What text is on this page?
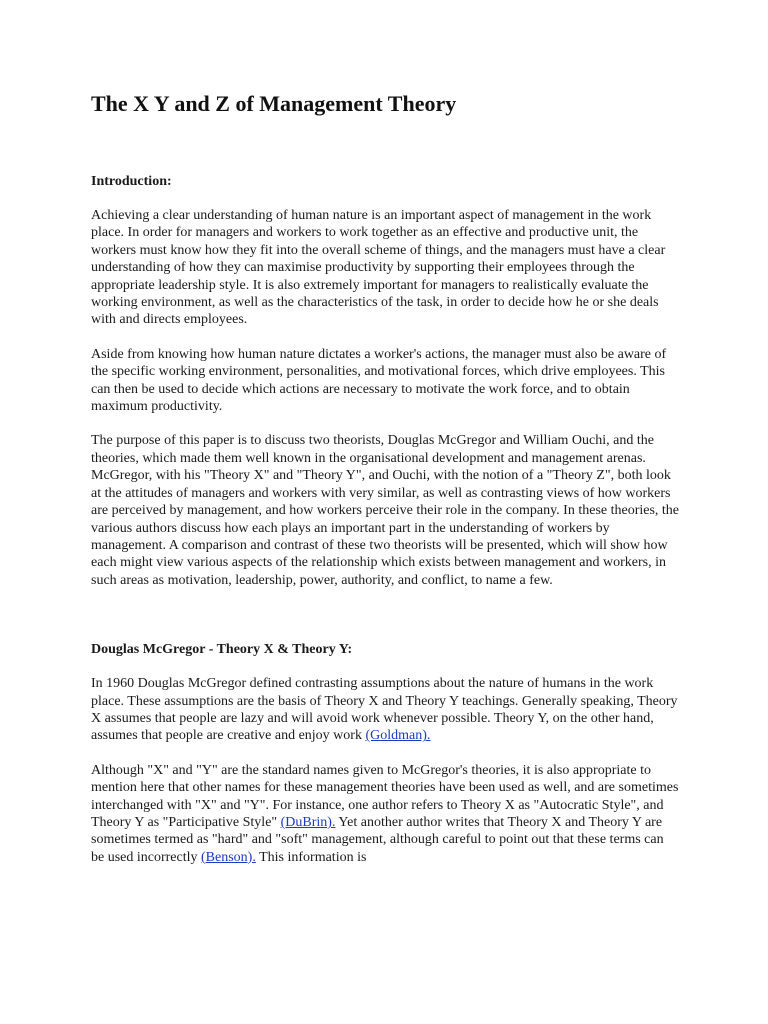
The X Y and Z of Management Theory
Introduction:

Achieving a clear understanding of human nature is an important aspect of management in the work place. In order for managers and workers to work together as an effective and productive unit, the workers must know how they fit into the overall scheme of things, and the managers must have a clear understanding of how they can maximise productivity by supporting their employees through the appropriate leadership style. It is also extremely important for managers to realistically evaluate the working environment, as well as the characteristics of the task, in order to decide how he or she deals with and directs employees.

Aside from knowing how human nature dictates a worker's actions, the manager must also be aware of the specific working environment, personalities, and motivational forces, which drive employees. This can then be used to decide which actions are necessary to motivate the work force, and to obtain maximum productivity.

The purpose of this paper is to discuss two theorists, Douglas McGregor and William Ouchi, and the theories, which made them well known in the organisational development and management arenas. McGregor, with his "Theory X" and "Theory Y", and Ouchi, with the notion of a "Theory Z", both look at the attitudes of managers and workers with very similar, as well as contrasting views of how workers are perceived by management, and how workers perceive their role in the company. In these theories, the various authors discuss how each plays an important part in the understanding of workers by management. A comparison and contrast of these two theorists will be presented, which will show how each might view various aspects of the relationship which exists between management and workers, in such areas as motivation, leadership, power, authority, and conflict, to name a few.

Douglas McGregor - Theory X & Theory Y:

In 1960 Douglas McGregor defined contrasting assumptions about the nature of humans in the work place. These assumptions are the basis of Theory X and Theory Y teachings. Generally speaking, Theory X assumes that people are lazy and will avoid work whenever possible. Theory Y, on the other hand, assumes that people are creative and enjoy work (Goldman).

Although "X" and "Y" are the standard names given to McGregor's theories, it is also appropriate to mention here that other names for these management theories have been used as well, and are sometimes interchanged with "X" and "Y". For instance, one author refers to Theory X as "Autocratic Style", and Theory Y as "Participative Style" (DuBrin). Yet another author writes that Theory X and Theory Y are sometimes termed as "hard" and "soft" management, although careful to point out that these terms can be used incorrectly (Benson). This information is
